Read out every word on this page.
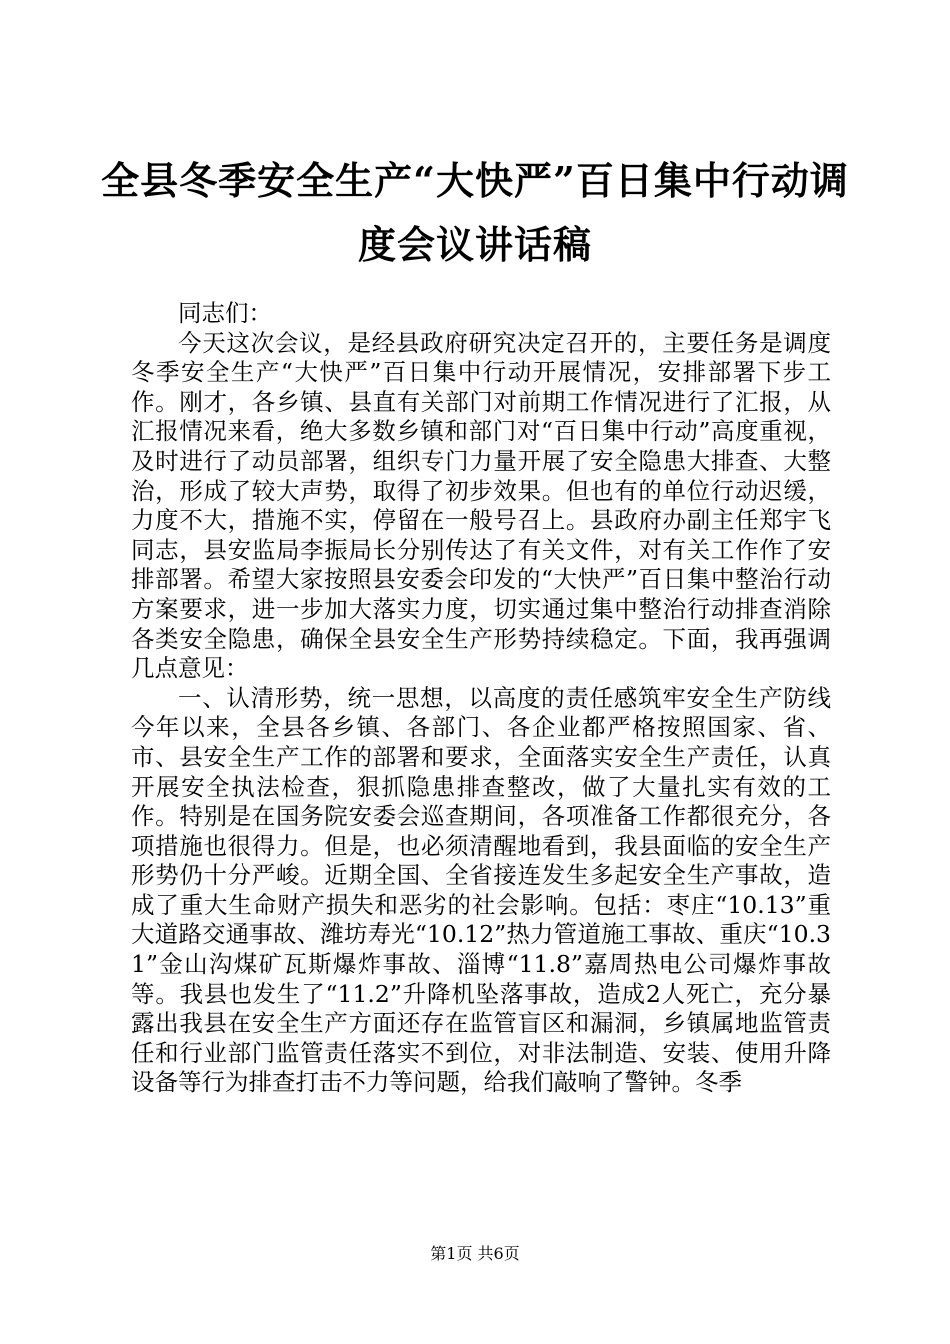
全县冬季安全生产“大快严”百日集中行动调
度会议讲话稿

同志们：

今天这次会议，是经县政府研究决定召开的，主要任务是调度冬季安全生产“大快严”百日集中行动开展情况，安排部署下步工作。刚才，各乡镇、县直有关部门对前期工作情况进行了汇报，从汇报情况来看，绝大多数乡镇和部门对“百日集中行动”高度重视，及时进行了动员部署，组织专门力量开展了安全隐患大排查、大整治，形成了较大声势，取得了初步效果。但也有的单位行动迟缓，力度不大，措施不实，停留在一般号召上。县政府办副主任郑宇飞同志，县安监局李振局长分别传达了有关文件，对有关工作作了安排部署。希望大家按照县安委会印发的“大快严”百日集中整治行动方案要求，进一步加大落实力度，切实通过集中整治行动排查消除各类安全隐患，确保全县安全生产形势持续稳定。下面，我再强调几点意见：

一、认清形势，统一思想，以高度的责任感筑牢安全生产防线今年以来，全县各乡镇、各部门、各企业都严格按照国家、省、市、县安全生产工作的部署和要求，全面落实安全生产责任，认真开展安全执法检查，狠抓隐患排查整改，做了大量扎实有效的工作。特别是在国务院安委会巡查期间，各项准备工作都很充分，各项措施也很得力。但是，也必须清醒地看到，我县面临的安全生产形势仍十分严峻。近期全国、全省接连发生多起安全生产事故，造成了重大生命财产损失和恶劣的社会影响。包括：枣庄“10.13”重大道路交通事故、潍坊寿光“10.12”热力管道施工事故、重庆“10.31”金山沟煤矿瓦斯爆炸事故、淄博“11.8”嘉周热电公司爆炸事故等。我县也发生了“11.2”升降机坠落事故，造成2人死亡，充分暴露出我县在安全生产方面还存在监管盲区和漏洞，乡镇属地监管责任和行业部门监管责任落实不到位，对非法制造、安装、使用升降设备等行为排查打击不力等问题，给我们敲响了警钟。冬季

第1页 共6页
